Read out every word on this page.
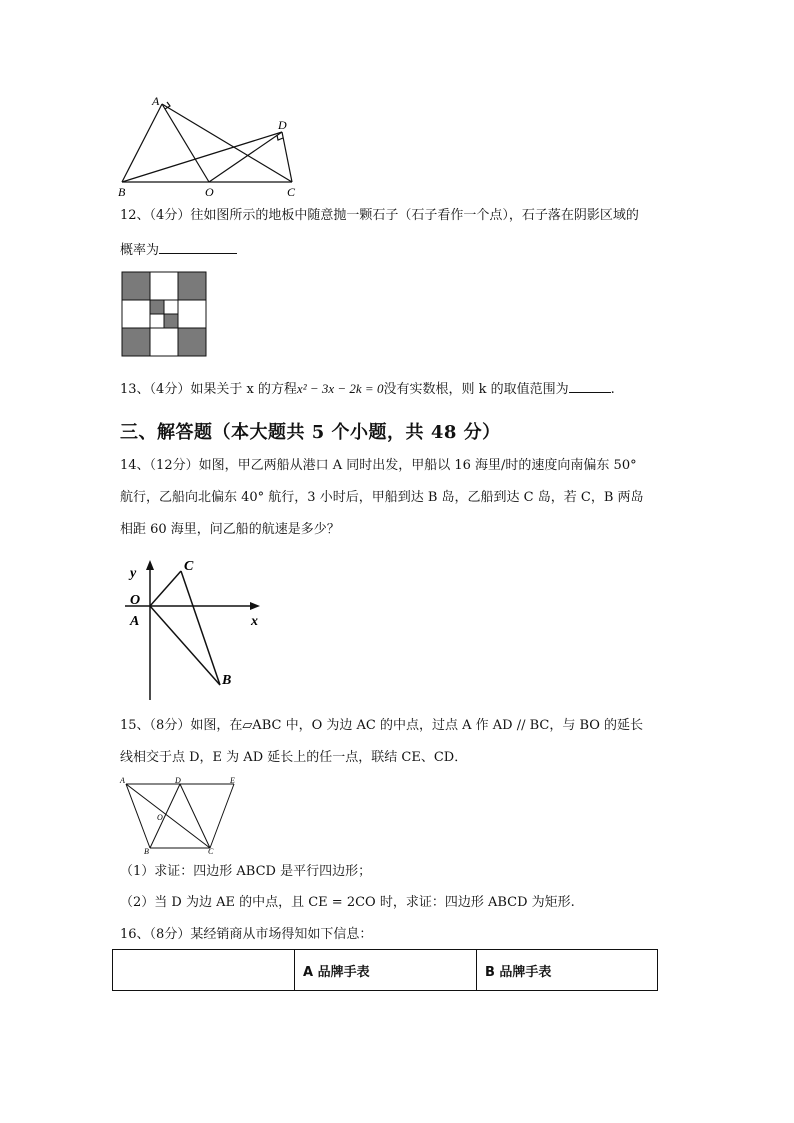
A
B	O	C
D
12、（4分）往如图所示的地板中随意抛一颗石子（石子看作一个点），石子落在阴影区域的
概率为
13、（4分）如果关于 x 的方程x² − 3x − 2k = 0没有实数根，则 k 的取值范围为	.
三、解答题（本大题共 5 个小题，共 48 分）
14、（12分）如图，甲乙两船从港口 A 同时出发，甲船以 16 海里/时的速度向南偏东 50°
航行，乙船向北偏东 40° 航行，3 小时后，甲船到达 B 岛，乙船到达 C 岛，若 C，B 两岛
相距 60 海里，问乙船的航速是多少？
y
x
O
A
C
B
15、（8分）如图，在▱ABC 中，O 为边 AC 的中点，过点 A 作 AD // BC，与 BO 的延长
线相交于点 D，E 为 AD 延长上的任一点，联结 CE、CD．
A	D	E
O
B	C
（1）求证：四边形 ABCD 是平行四边形；
（2）当 D 为边 AE 的中点，且 CE = 2CO 时，求证：四边形 ABCD 为矩形.
16、（8分）某经销商从市场得知如下信息：
	A 品牌手表	B 品牌手表
